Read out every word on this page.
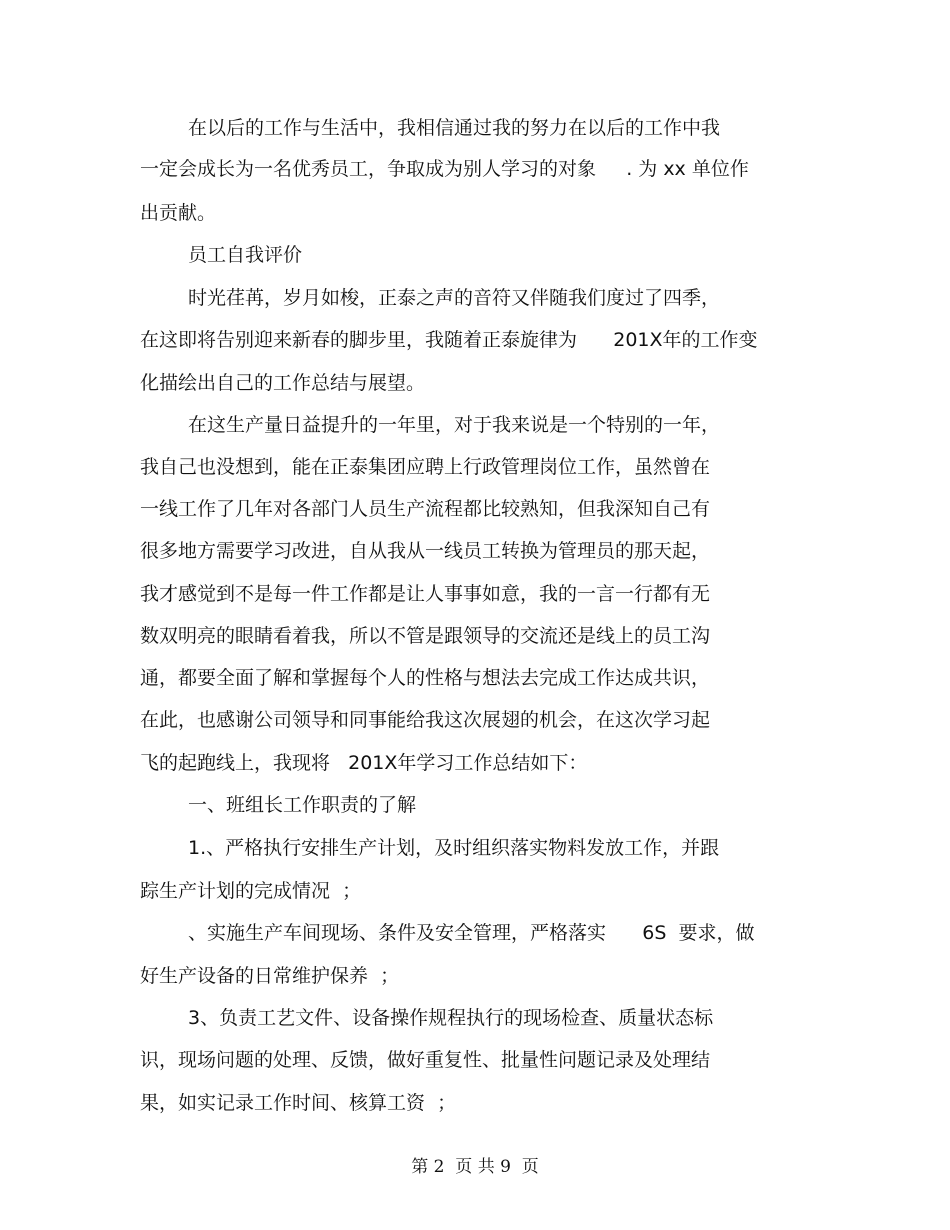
在以后的工作与生活中，我相信通过我的努力在以后的工作中我
一定会成长为一名优秀员工，争取成为别人学习的对象     . 为 xx 单位作
出贡献。
员工自我评价
时光荏苒，岁月如梭，正泰之声的音符又伴随我们度过了四季，
在这即将告别迎来新春的脚步里，我随着正泰旋律为      201X年的工作变
化描绘出自己的工作总结与展望。
在这生产量日益提升的一年里，对于我来说是一个特别的一年，
我自己也没想到，能在正泰集团应聘上行政管理岗位工作，虽然曾在
一线工作了几年对各部门人员生产流程都比较熟知，但我深知自己有
很多地方需要学习改进，自从我从一线员工转换为管理员的那天起，
我才感觉到不是每一件工作都是让人事事如意，我的一言一行都有无
数双明亮的眼睛看着我，所以不管是跟领导的交流还是线上的员工沟
通，都要全面了解和掌握每个人的性格与想法去完成工作达成共识，
在此，也感谢公司领导和同事能给我这次展翅的机会，在这次学习起
飞的起跑线上，我现将   201X年学习工作总结如下：
一、班组长工作职责的了解
1.、严格执行安排生产计划，及时组织落实物料发放工作，并跟
踪生产计划的完成情况  ；
、实施生产车间现场、条件及安全管理，严格落实      6S  要求，做
好生产设备的日常维护保养  ；
3、负责工艺文件、设备操作规程执行的现场检查、质量状态标
识，现场问题的处理、反馈，做好重复性、批量性问题记录及处理结
果，如实记录工作时间、核算工资  ；
第 2  页 共 9  页
